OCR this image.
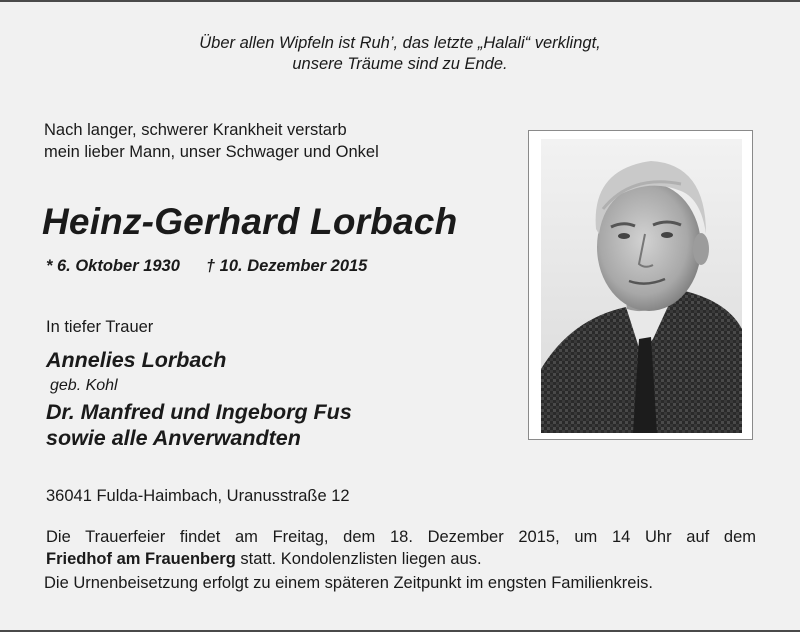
Über allen Wipfeln ist Ruh’, das letzte „Halali“ verklingt,
unsere Träume sind zu Ende.
Nach langer, schwerer Krankheit verstarb
mein lieber Mann, unser Schwager und Onkel
Heinz-Gerhard Lorbach
* 6. Oktober 1930 † 10. Dezember 2015
In tiefer Trauer
Annelies Lorbach
geb. Kohl
Dr. Manfred und Ingeborg Fus
sowie alle Anverwandten
36041 Fulda-Haimbach, Uranusstraße 12
Die Trauerfeier findet am Freitag, dem 18. Dezember 2015, um 14 Uhr auf dem
Friedhof am Frauenberg statt. Kondolenzlisten liegen aus.
Die Urnenbeisetzung erfolgt zu einem späteren Zeitpunkt im engsten Familienkreis.
